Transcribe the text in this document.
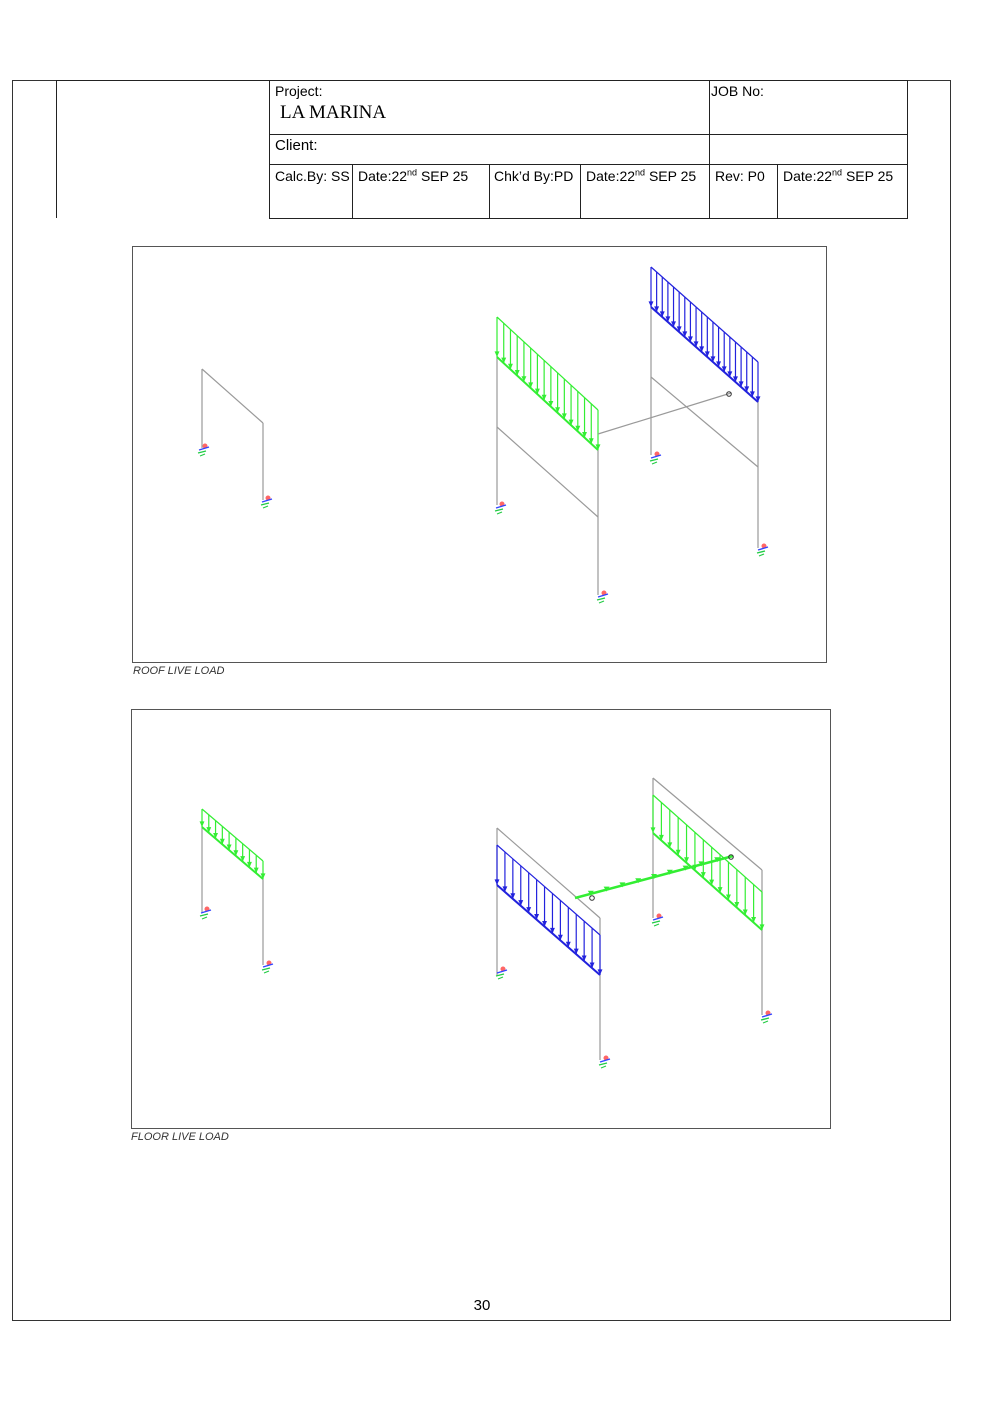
Project:
LA MARINA
JOB No:
Client:
Calc.By: SS Date:22nd SEP 25 Chk’d By:PD Date:22nd SEP 25 Rev: P0 Date:22nd SEP 25
ROOF LIVE LOAD
FLOOR LIVE LOAD
30
